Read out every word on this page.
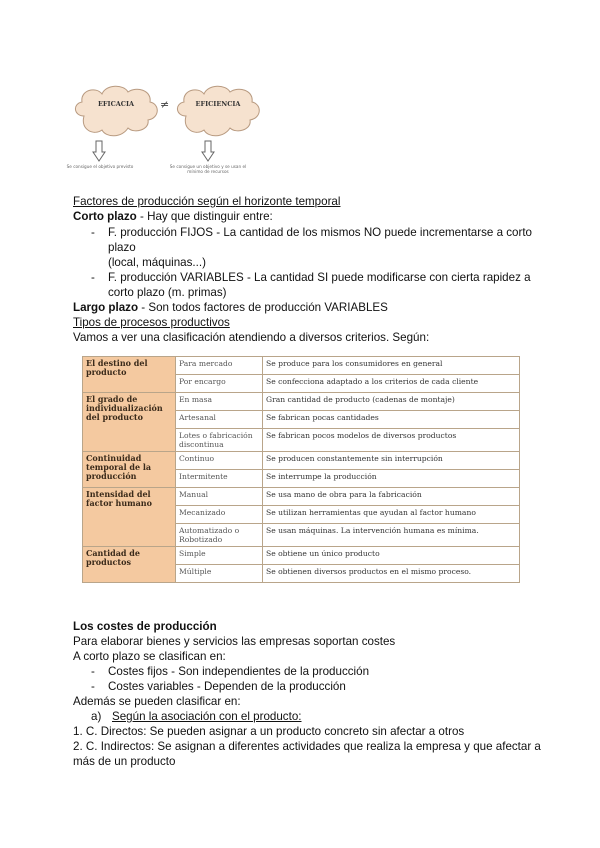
EFICACIA	≠	EFICIENCIA
Se consigue el objetivo previsto	Se consigue un objetivo y se usan el mínimo de recursos
Factores de producción según el horizonte temporal
Corto plazo - Hay que distinguir entre:
- F. producción FIJOS - La cantidad de los mismos NO puede incrementarse a corto
plazo
(local, máquinas...)
- F. producción VARIABLES - La cantidad SI puede modificarse con cierta rapidez a
corto plazo (m. primas)
Largo plazo - Son todos factores de producción VARIABLES
Tipos de procesos productivos
Vamos a ver una clasificación atendiendo a diversos criterios. Según:
El destino del producto	Para mercado	Se produce para los consumidores en general
	Por encargo	Se confecciona adaptado a los criterios de cada cliente
El grado de individualización del producto	En masa	Gran cantidad de producto (cadenas de montaje)
	Artesanal	Se fabrican pocas cantidades
	Lotes o fabricación discontinua	Se fabrican pocos modelos de diversos productos
Continuidad temporal de la producción	Continuo	Se producen constantemente sin interrupción
	Intermitente	Se interrumpe la producción
Intensidad del factor humano	Manual	Se usa mano de obra para la fabricación
	Mecanizado	Se utilizan herramientas que ayudan al factor humano
	Automatizado o Robotizado	Se usan máquinas. La intervención humana es mínima.
Cantidad de productos	Simple	Se obtiene un único producto
	Múltiple	Se obtienen diversos productos en el mismo proceso.
Los costes de producción
Para elaborar bienes y servicios las empresas soportan costes
A corto plazo se clasifican en:
- Costes fijos - Son independientes de la producción
- Costes variables - Dependen de la producción
Además se pueden clasificar en:
a) Según la asociación con el producto:
1. C. Directos: Se pueden asignar a un producto concreto sin afectar a otros
2. C. Indirectos: Se asignan a diferentes actividades que realiza la empresa y que afectar a
más de un producto
